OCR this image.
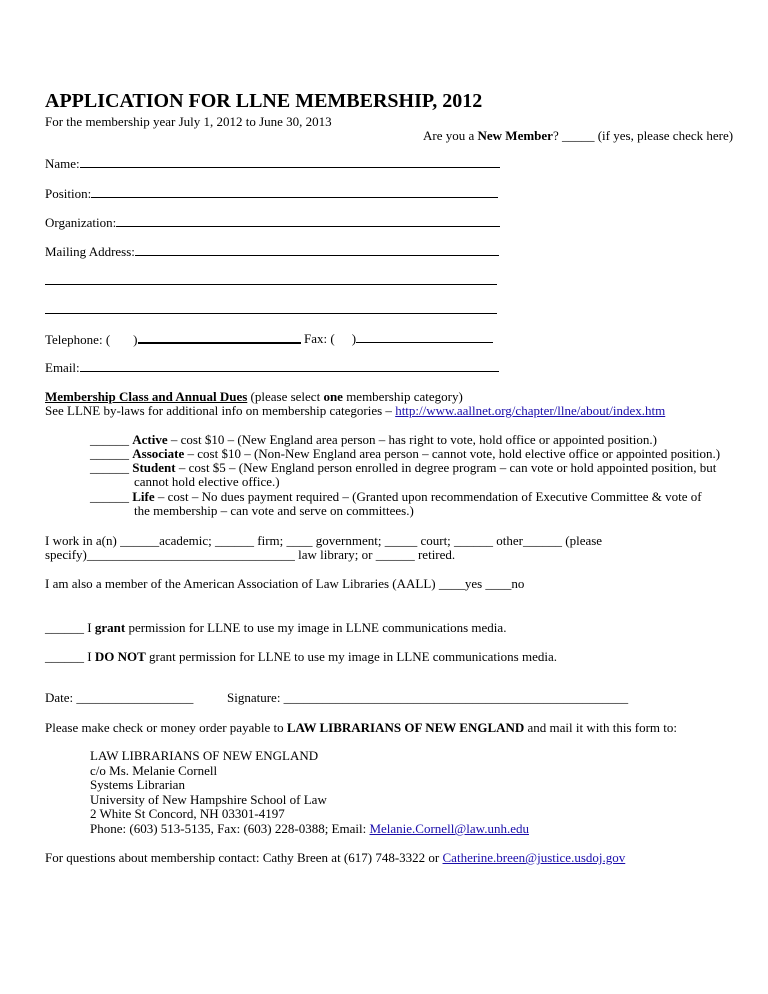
APPLICATION FOR LLNE MEMBERSHIP, 2012
For the membership year July 1, 2012 to June 30, 2013
Are you a New Member? _____ (if yes, please check here)
Name:
Position:
Organization:
Mailing Address:
Telephone: ( )	Fax: ( )
Email:
Membership Class and Annual Dues (please select one membership category)
See LLNE by-laws for additional info on membership categories – http://www.aallnet.org/chapter/llne/about/index.htm
______ Active – cost $10 – (New England area person – has right to vote, hold office or appointed position.)
______ Associate – cost $10 – (Non-New England area person – cannot vote, hold elective office or appointed position.)
______ Student – cost $5 – (New England person enrolled in degree program – can vote or hold appointed position, but
cannot hold elective office.)
______ Life – cost – No dues payment required – (Granted upon recommendation of Executive Committee & vote of
the membership – can vote and serve on committees.)
I work in a(n) ______academic; ______ firm; ____ government; _____ court; ______ other______ (please
specify)________________________________ law library; or ______ retired.
I am also a member of the American Association of Law Libraries (AALL) ____yes ____no
______ I grant permission for LLNE to use my image in LLNE communications media.
______ I DO NOT grant permission for LLNE to use my image in LLNE communications media.
Date: __________________	Signature: _____________________________________________________
Please make check or money order payable to LAW LIBRARIANS OF NEW ENGLAND and mail it with this form to:
LAW LIBRARIANS OF NEW ENGLAND
c/o Ms. Melanie Cornell
Systems Librarian
University of New Hampshire School of Law
2 White St Concord, NH 03301-4197
Phone: (603) 513-5135, Fax: (603) 228-0388; Email: Melanie.Cornell@law.unh.edu
For questions about membership contact: Cathy Breen at (617) 748-3322 or Catherine.breen@justice.usdoj.gov
